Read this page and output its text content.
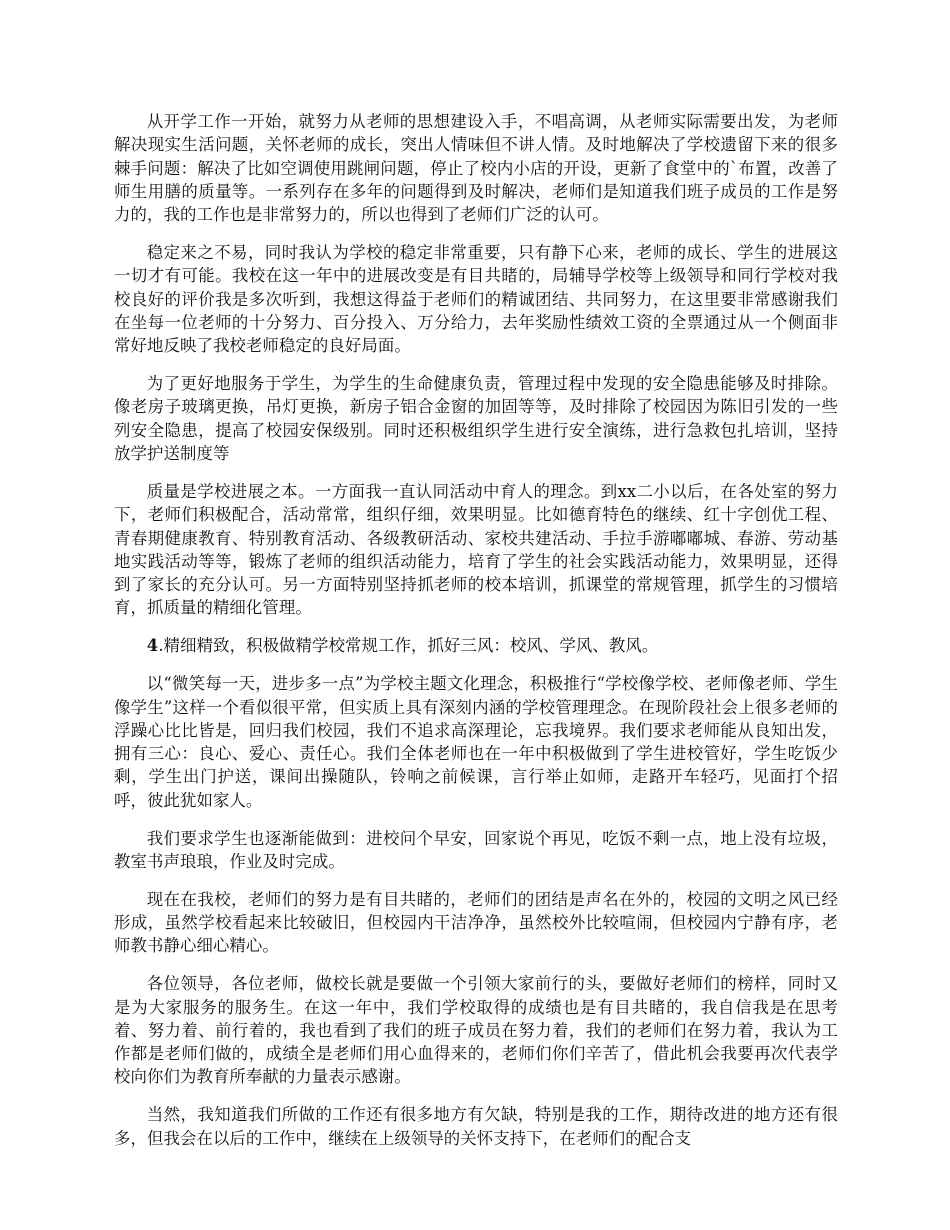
从开学工作一开始，就努力从老师的思想建设入手，不唱高调，从老师实际需要出发，为老师解决现实生活问题，关怀老师的成长，突出人情味但不讲人情。及时地解决了学校遗留下来的很多棘手问题：解决了比如空调使用跳闸问题，停止了校内小店的开设，更新了食堂中的`布置，改善了师生用膳的质量等。一系列存在多年的问题得到及时解决，老师们是知道我们班子成员的工作是努力的，我的工作也是非常努力的，所以也得到了老师们广泛的认可。

稳定来之不易，同时我认为学校的稳定非常重要，只有静下心来，老师的成长、学生的进展这一切才有可能。我校在这一年中的进展改变是有目共睹的，局辅导学校等上级领导和同行学校对我校良好的评价我是多次听到，我想这得益于老师们的精诚团结、共同努力，在这里要非常感谢我们在坐每一位老师的十分努力、百分投入、万分给力，去年奖励性绩效工资的全票通过从一个侧面非常好地反映了我校老师稳定的良好局面。

为了更好地服务于学生，为学生的生命健康负责，管理过程中发现的安全隐患能够及时排除。像老房子玻璃更换，吊灯更换，新房子铝合金窗的加固等等，及时排除了校园因为陈旧引发的一些列安全隐患，提高了校园安保级别。同时还积极组织学生进行安全演练，进行急救包扎培训，坚持放学护送制度等

质量是学校进展之本。一方面我一直认同活动中育人的理念。到xx二小以后，在各处室的努力下，老师们积极配合，活动常常，组织仔细，效果明显。比如德育特色的继续、红十字创优工程、青春期健康教育、特别教育活动、各级教研活动、家校共建活动、手拉手游嘟嘟城、春游、劳动基地实践活动等等，锻炼了老师的组织活动能力，培育了学生的社会实践活动能力，效果明显，还得到了家长的充分认可。另一方面特别坚持抓老师的校本培训，抓课堂的常规管理，抓学生的习惯培育，抓质量的精细化管理。

4.精细精致，积极做精学校常规工作，抓好三风：校风、学风、教风。

以“微笑每一天，进步多一点”为学校主题文化理念，积极推行“学校像学校、老师像老师、学生像学生”这样一个看似很平常，但实质上具有深刻内涵的学校管理理念。在现阶段社会上很多老师的浮躁心比比皆是，回归我们校园，我们不追求高深理论，忘我境界。我们要求老师能从良知出发，拥有三心：良心、爱心、责任心。我们全体老师也在一年中积极做到了学生进校管好，学生吃饭少剩，学生出门护送，课间出操随队，铃响之前候课，言行举止如师，走路开车轻巧，见面打个招呼，彼此犹如家人。

我们要求学生也逐渐能做到：进校问个早安，回家说个再见，吃饭不剩一点，地上没有垃圾，教室书声琅琅，作业及时完成。

现在在我校，老师们的努力是有目共睹的，老师们的团结是声名在外的，校园的文明之风已经形成，虽然学校看起来比较破旧，但校园内干洁净净，虽然校外比较喧闹，但校园内宁静有序，老师教书静心细心精心。

各位领导，各位老师，做校长就是要做一个引领大家前行的头，要做好老师们的榜样，同时又是为大家服务的服务生。在这一年中，我们学校取得的成绩也是有目共睹的，我自信我是在思考着、努力着、前行着的，我也看到了我们的班子成员在努力着，我们的老师们在努力着，我认为工作都是老师们做的，成绩全是老师们用心血得来的，老师们你们辛苦了，借此机会我要再次代表学校向你们为教育所奉献的力量表示感谢。

当然，我知道我们所做的工作还有很多地方有欠缺，特别是我的工作，期待改进的地方还有很多，但我会在以后的工作中，继续在上级领导的关怀支持下，在老师们的配合支
